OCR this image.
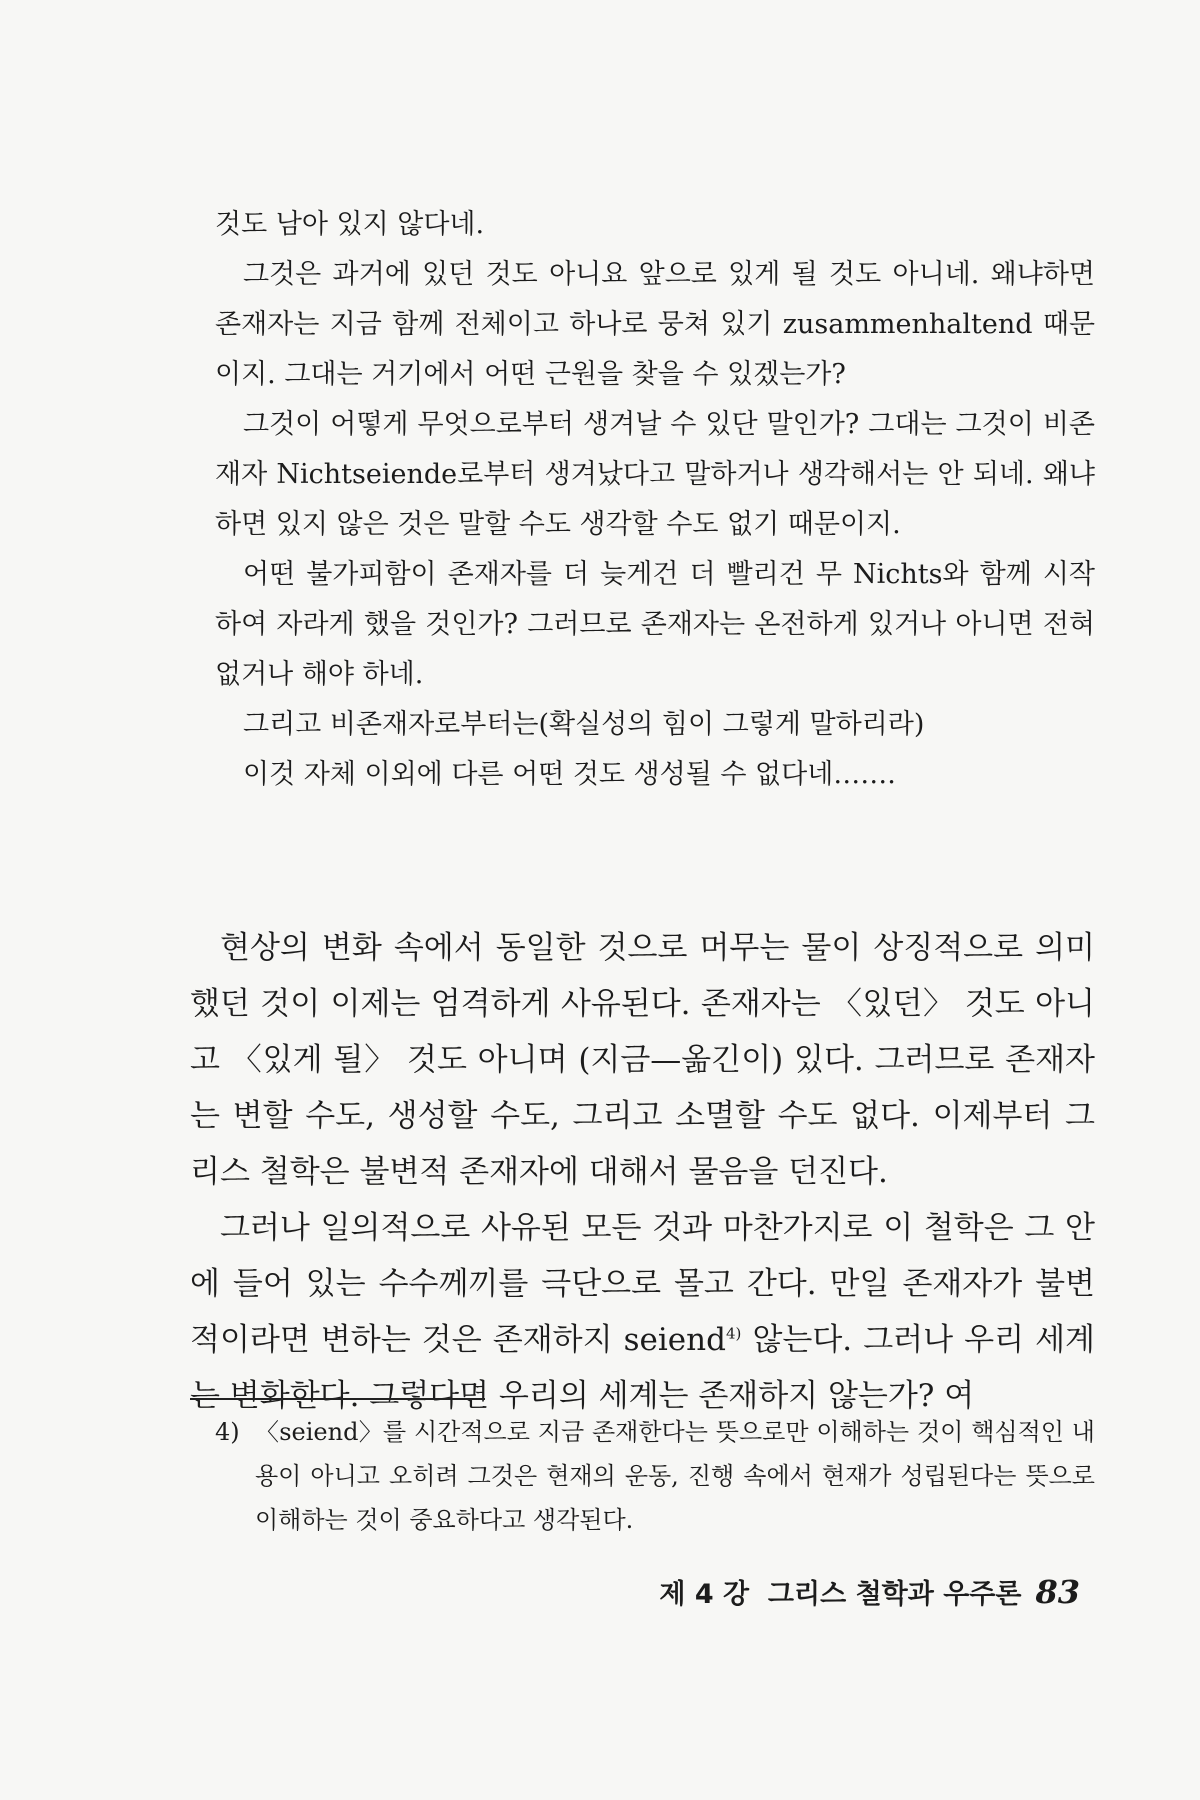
것도 남아 있지 않다네.

그것은 과거에 있던 것도 아니요 앞으로 있게 될 것도 아니네. 왜냐하면 존재자는 지금 함께 전체이고 하나로 뭉쳐 있기 zusammenhaltend 때문이지. 그대는 거기에서 어떤 근원을 찾을 수 있겠는가?

그것이 어떻게 무엇으로부터 생겨날 수 있단 말인가? 그대는 그것이 비존재자 Nichtseiende로부터 생겨났다고 말하거나 생각해서는 안 되네. 왜냐하면 있지 않은 것은 말할 수도 생각할 수도 없기 때문이지.

어떤 불가피함이 존재자를 더 늦게건 더 빨리건 무 Nichts와 함께 시작하여 자라게 했을 것인가? 그러므로 존재자는 온전하게 있거나 아니면 전혀 없거나 해야 하네.

그리고 비존재자로부터는(확실성의 힘이 그렇게 말하리라)

이것 자체 이외에 다른 어떤 것도 생성될 수 없다네…….

현상의 변화 속에서 동일한 것으로 머무는 물이 상징적으로 의미했던 것이 이제는 엄격하게 사유된다. 존재자는 〈있던〉 것도 아니고 〈있게 될〉 것도 아니며 (지금—옮긴이) 있다. 그러므로 존재자는 변할 수도, 생성할 수도, 그리고 소멸할 수도 없다. 이제부터 그리스 철학은 불변적 존재자에 대해서 물음을 던진다.

그러나 일의적으로 사유된 모든 것과 마찬가지로 이 철학은 그 안에 들어 있는 수수께끼를 극단으로 몰고 간다. 만일 존재자가 불변적이라면 변하는 것은 존재하지 seiend$^{4)}$ 않는다. 그러나 우리 세계는 변화한다. 그렇다면 우리의 세계는 존재하지 않는가? 여

4) 〈seiend〉를 시간적으로 지금 존재한다는 뜻으로만 이해하는 것이 핵심적인 내용이 아니고 오히려 그것은 현재의 운동, 진행 속에서 현재가 성립된다는 뜻으로 이해하는 것이 중요하다고 생각된다.
제 4 강  그리스 철학과 우주론 83
